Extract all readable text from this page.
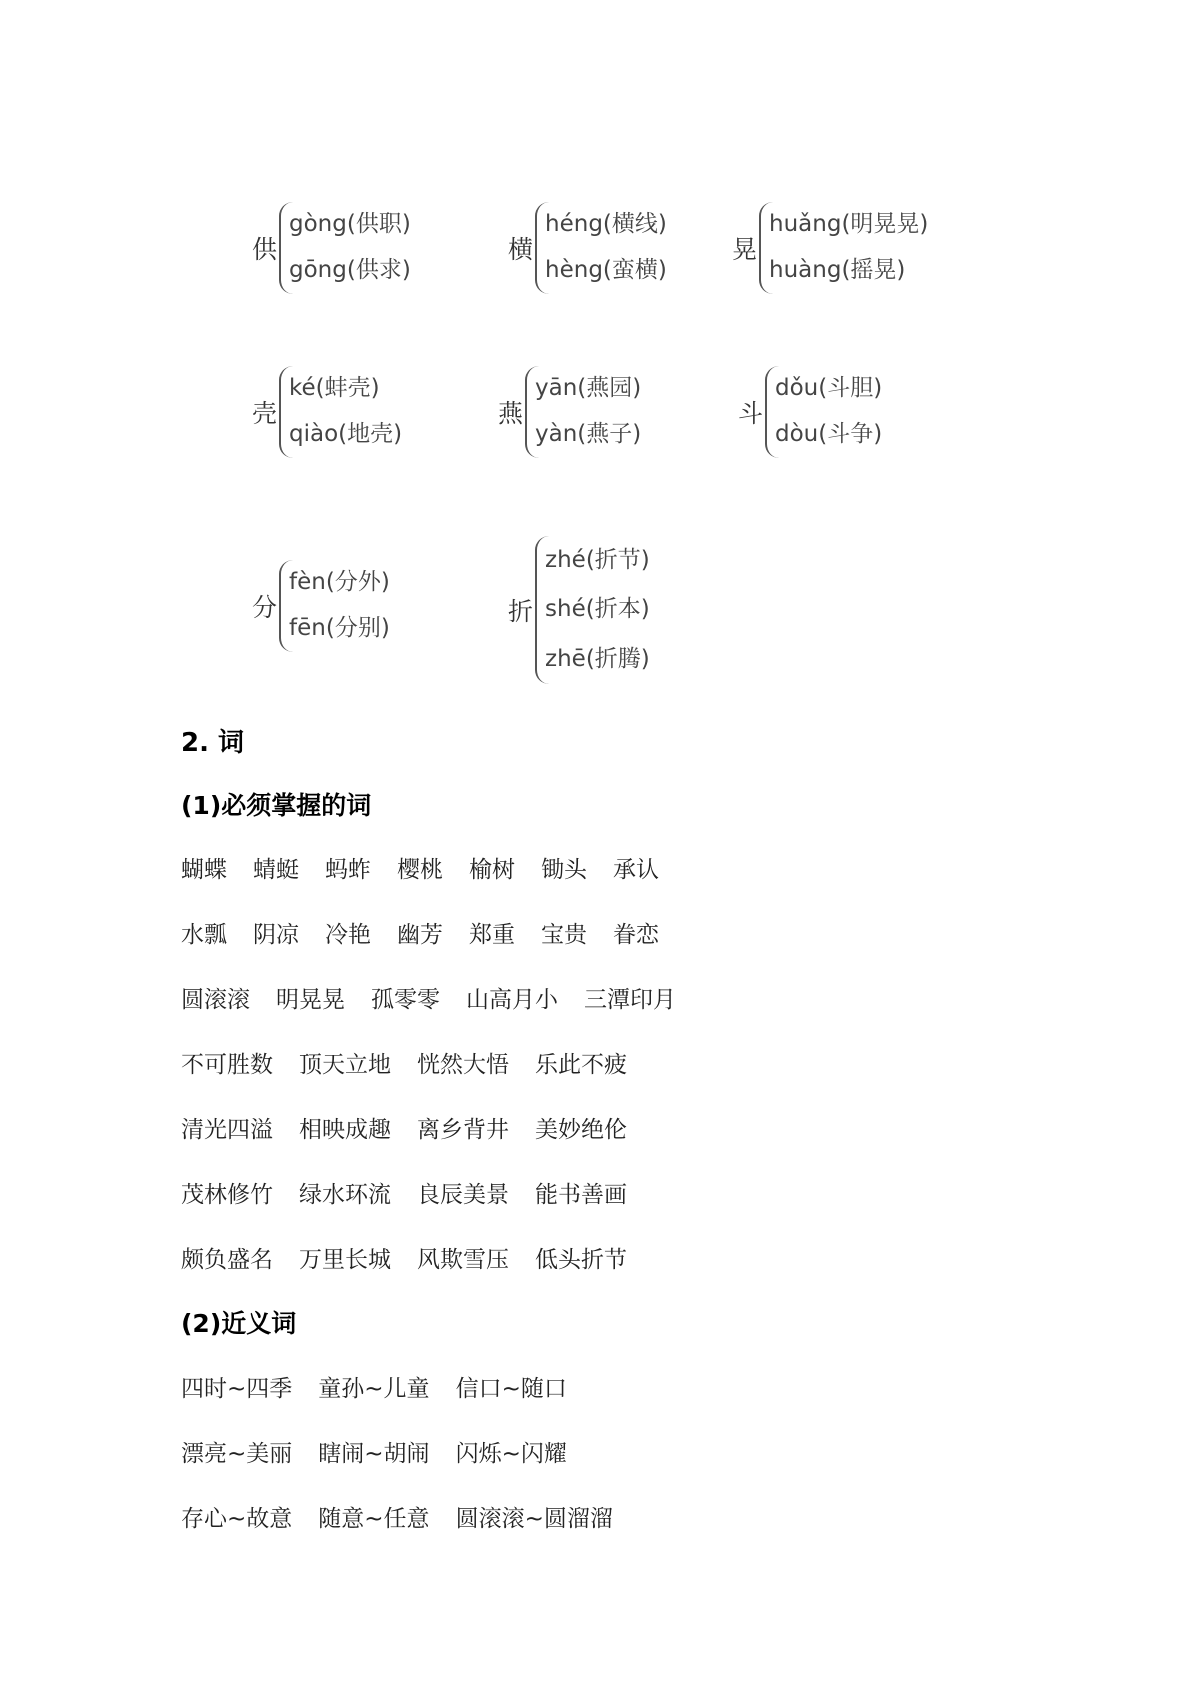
供
gòng(供职)
gōng(供求)
横
héng(横线)
hèng(蛮横)
晃
huǎng(明晃晃)
huàng(摇晃)
壳
ké(蚌壳)
qiào(地壳)
燕
yān(燕园)
yàn(燕子)
斗
dǒu(斗胆)
dòu(斗争)
分
fèn(分外)
fēn(分别)
折
zhé(折节)
shé(折本)
zhē(折腾)
2. 词
(1)必须掌握的词
蝴蝶 蜻蜓 蚂蚱 樱桃 榆树 锄头 承认
水瓢 阴凉 冷艳 幽芳 郑重 宝贵 眷恋
圆滚滚 明晃晃 孤零零 山高月小 三潭印月
不可胜数 顶天立地 恍然大悟 乐此不疲
清光四溢 相映成趣 离乡背井 美妙绝伦
茂林修竹 绿水环流 良辰美景 能书善画
颇负盛名 万里长城 风欺雪压 低头折节
(2)近义词
四时~四季 童孙~儿童 信口~随口
漂亮~美丽 瞎闹~胡闹 闪烁~闪耀
存心~故意 随意~任意 圆滚滚~圆溜溜
